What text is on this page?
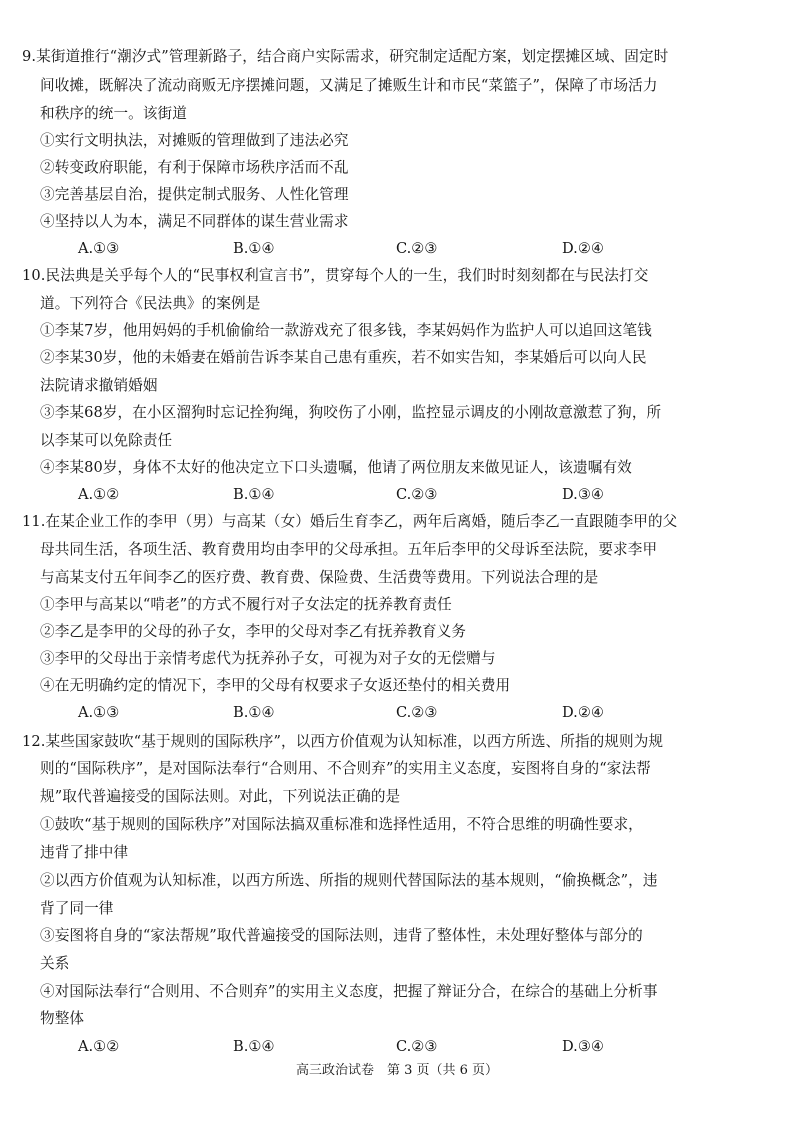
9.某街道推行“潮汐式”管理新路子，结合商户实际需求，研究制定适配方案，划定摆摊区域、固定时
间收摊，既解决了流动商贩无序摆摊问题，又满足了摊贩生计和市民“菜篮子”，保障了市场活力
和秩序的统一。该街道
①实行文明执法，对摊贩的管理做到了违法必究
②转变政府职能，有利于保障市场秩序活而不乱
③完善基层自治，提供定制式服务、人性化管理
④坚持以人为本，满足不同群体的谋生营业需求
A.①③	B.①④	C.②③	D.②④
10.民法典是关乎每个人的“民事权利宣言书”，贯穿每个人的一生，我们时时刻刻都在与民法打交
道。下列符合《民法典》的案例是
①李某7岁，他用妈妈的手机偷偷给一款游戏充了很多钱，李某妈妈作为监护人可以追回这笔钱
②李某30岁，他的未婚妻在婚前告诉李某自己患有重疾，若不如实告知，李某婚后可以向人民
法院请求撤销婚姻
③李某68岁，在小区溜狗时忘记拴狗绳，狗咬伤了小刚，监控显示调皮的小刚故意激惹了狗，所
以李某可以免除责任
④李某80岁，身体不太好的他决定立下口头遗嘱，他请了两位朋友来做见证人，该遗嘱有效
A.①②	B.①④	C.②③	D.③④
11.在某企业工作的李甲（男）与高某（女）婚后生育李乙，两年后离婚，随后李乙一直跟随李甲的父
母共同生活，各项生活、教育费用均由李甲的父母承担。五年后李甲的父母诉至法院，要求李甲
与高某支付五年间李乙的医疗费、教育费、保险费、生活费等费用。下列说法合理的是
①李甲与高某以“啃老”的方式不履行对子女法定的抚养教育责任
②李乙是李甲的父母的孙子女，李甲的父母对李乙有抚养教育义务
③李甲的父母出于亲情考虑代为抚养孙子女，可视为对子女的无偿赠与
④在无明确约定的情况下，李甲的父母有权要求子女返还垫付的相关费用
A.①③	B.①④	C.②③	D.②④
12.某些国家鼓吹“基于规则的国际秩序”，以西方价值观为认知标准，以西方所选、所指的规则为规
则的“国际秩序”，是对国际法奉行“合则用、不合则弃”的实用主义态度，妄图将自身的“家法帮
规”取代普遍接受的国际法则。对此，下列说法正确的是
①鼓吹“基于规则的国际秩序”对国际法搞双重标准和选择性适用，不符合思维的明确性要求，
违背了排中律
②以西方价值观为认知标准，以西方所选、所指的规则代替国际法的基本规则，“偷换概念”，违
背了同一律
③妄图将自身的“家法帮规”取代普遍接受的国际法则，违背了整体性，未处理好整体与部分的
关系
④对国际法奉行“合则用、不合则弃”的实用主义态度，把握了辩证分合，在综合的基础上分析事
物整体
A.①②	B.①④	C.②③	D.③④
高三政治试卷　第 3 页（共 6 页）
